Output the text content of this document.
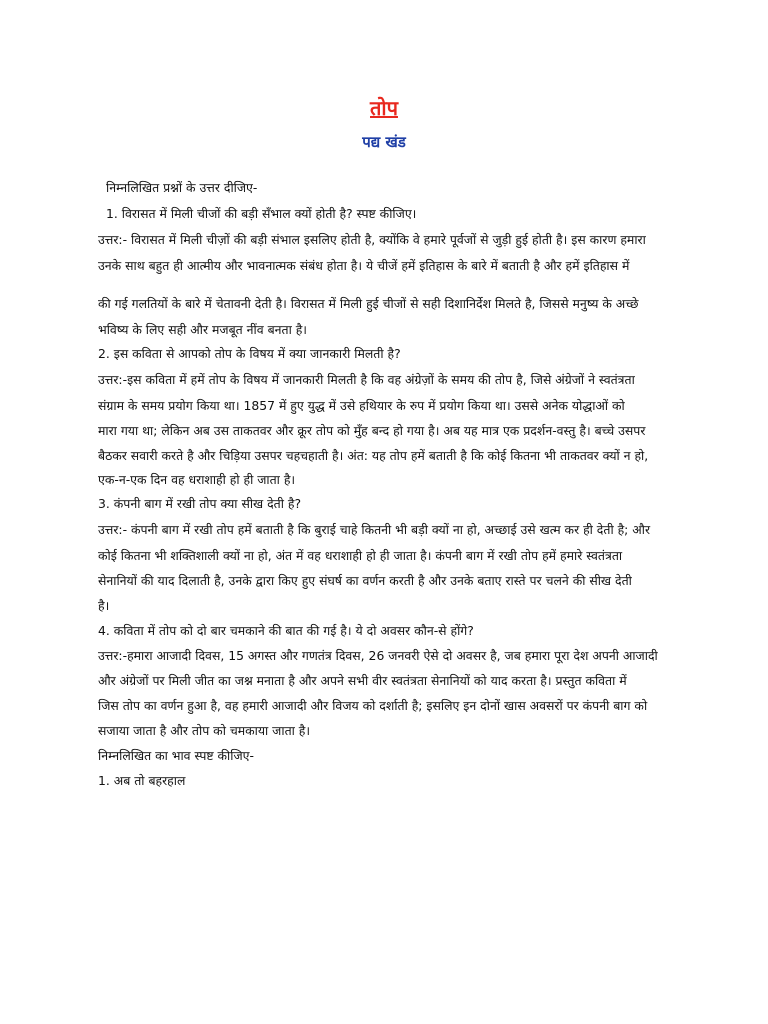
तोप
पद्य खंड
निम्नलिखित प्रश्नों के उत्तर दीजिए-
1. विरासत में मिली चीजों की बड़ी सँभाल क्यों होती है? स्पष्ट कीजिए।
उत्तर:- विरासत में मिली चीज़ों की बड़ी संभाल इसलिए होती है, क्योंकि वे हमारे पूर्वजों से जुड़ी हुई होती है। इस कारण हमारा
उनके साथ बहुत ही आत्मीय और भावनात्मक संबंध होता है। ये चीजें हमें इतिहास के बारे में बताती है और हमें इतिहास में
की गई गलतियों के बारे में चेतावनी देती है। विरासत में मिली हुई चीजों से सही दिशानिर्देश मिलते है, जिससे मनुष्य के अच्छे
भविष्य के लिए सही और मजबूत नींव बनता है।
2. इस कविता से आपको तोप के विषय में क्या जानकारी मिलती है?
उत्तर:-इस कविता में हमें तोप के विषय में जानकारी मिलती है कि वह अंग्रेज़ों के समय की तोप है, जिसे अंग्रेजों ने स्वतंत्रता
संग्राम के समय प्रयोग किया था। 1857 में हुए युद्ध में उसे हथियार के रुप में प्रयोग किया था। उससे अनेक योद्धाओं को
मारा गया था; लेकिन अब उस ताकतवर और क्रूर तोप को मुँह बन्द हो गया है। अब यह मात्र एक प्रदर्शन-वस्तु है। बच्चे उसपर
बैठकर सवारी करते है और चिड़िया उसपर चहचहाती है। अंत: यह तोप हमें बताती है कि कोई कितना भी ताकतवर क्यों न हो,
एक-न-एक दिन वह धराशाही हो ही जाता है।
3. कंपनी बाग में रखी तोप क्या सीख देती है?
उत्तर:- कंपनी बाग में रखी तोप हमें बताती है कि बुराई चाहे कितनी भी बड़ी क्यों ना हो, अच्छाई उसे खत्म कर ही देती है; और
कोई कितना भी शक्तिशाली क्यों ना हो, अंत में वह धराशाही हो ही जाता है। कंपनी बाग में रखी तोप हमें हमारे स्वतंत्रता
सेनानियों की याद दिलाती है, उनके द्वारा किए हुए संघर्ष का वर्णन करती है और उनके बताए रास्ते पर चलने की सीख देती
है।
4. कविता में तोप को दो बार चमकाने की बात की गई है। ये दो अवसर कौन-से होंगे?
उत्तर:-हमारा आजादी दिवस, 15 अगस्त और गणतंत्र दिवस, 26 जनवरी ऐसे दो अवसर है, जब हमारा पूरा देश अपनी आजादी
और अंग्रेजों पर मिली जीत का जश्न मनाता है और अपने सभी वीर स्वतंत्रता सेनानियों को याद करता है। प्रस्तुत कविता में
जिस तोप का वर्णन हुआ है, वह हमारी आजादी और विजय को दर्शाती है; इसलिए इन दोनों खास अवसरों पर कंपनी बाग को
सजाया जाता है और तोप को चमकाया जाता है।
निम्नलिखित का भाव स्पष्ट कीजिए-
1. अब तो बहरहाल
